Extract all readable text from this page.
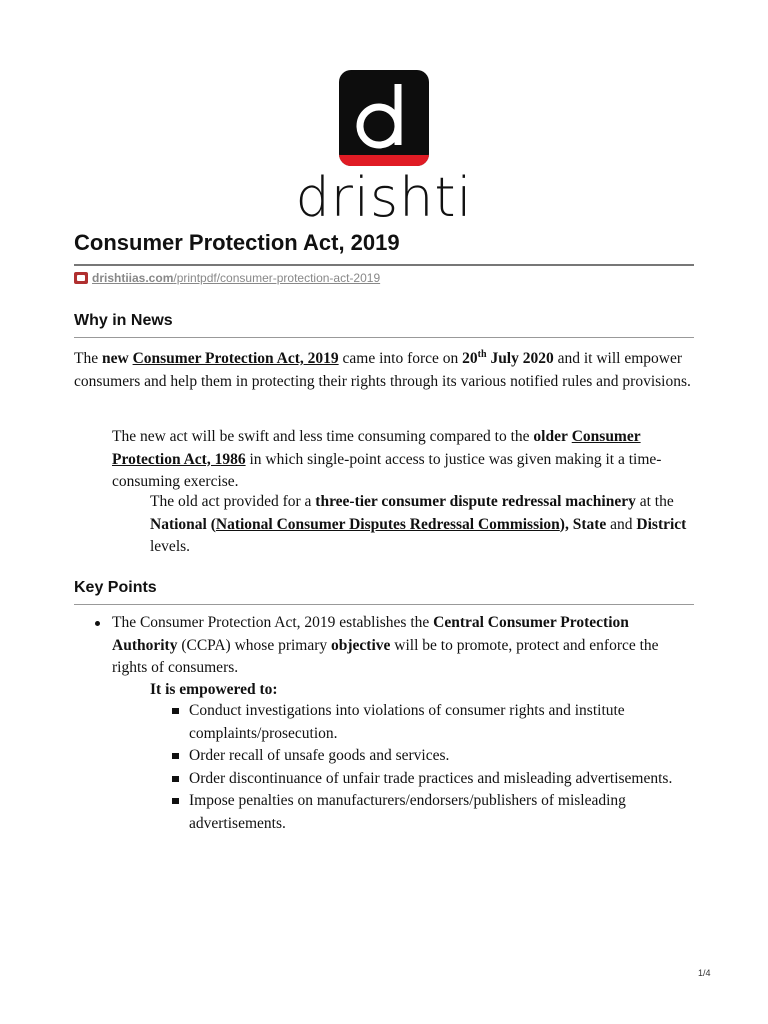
drishti
Consumer Protection Act, 2019
drishtiias.com/printpdf/consumer-protection-act-2019
Why in News

The new Consumer Protection Act, 2019 came into force on 20th July 2020 and it will empower consumers and help them in protecting their rights through its various notified rules and provisions.

The new act will be swift and less time consuming compared to the older Consumer Protection Act, 1986 in which single-point access to justice was given making it a time-consuming exercise.

The old act provided for a three-tier consumer dispute redressal machinery at the National (National Consumer Disputes Redressal Commission), State and District levels.

Key Points
The Consumer Protection Act, 2019 establishes the Central Consumer Protection Authority (CCPA) whose primary objective will be to promote, protect and enforce the rights of consumers.

It is empowered to:

Conduct investigations into violations of consumer rights and institute complaints/prosecution.
Order recall of unsafe goods and services.
Order discontinuance of unfair trade practices and misleading advertisements.
Impose penalties on manufacturers/endorsers/publishers of misleading advertisements.
1/4
